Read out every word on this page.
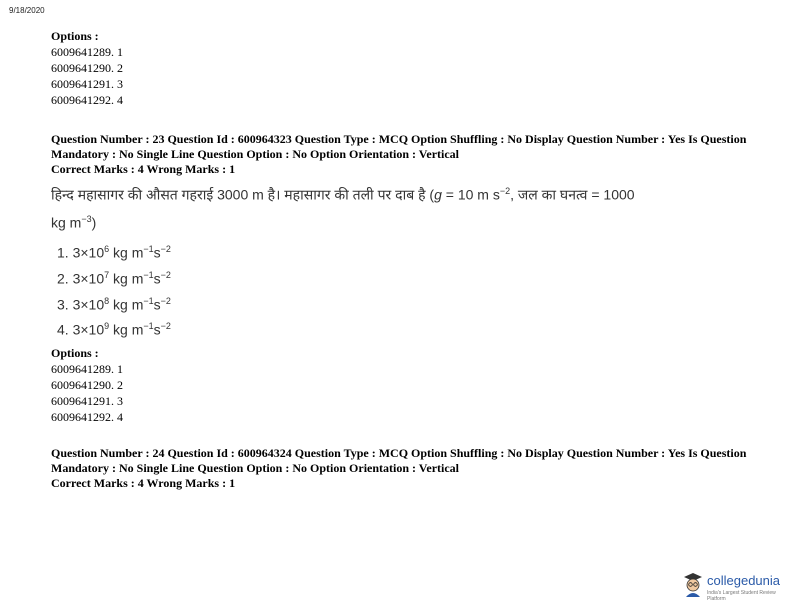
9/18/2020
Options :
6009641289. 1
6009641290. 2
6009641291. 3
6009641292. 4
Question Number : 23 Question Id : 600964323 Question Type : MCQ Option Shuffling : No Display Question Number : Yes Is Question
Mandatory : No Single Line Question Option : No Option Orientation : Vertical
Correct Marks : 4 Wrong Marks : 1
हिन्द महासागर की औसत गहराई 3000 m है। महासागर की तली पर दाब है (g = 10 m $s^{-2}$, जल का घनत्व = 1000
kg $m^{-3}$)
1. $3\times 10^6$ kg $m^{-1}s^{-2}$
2. $3\times 10^7$ kg $m^{-1}s^{-2}$
3. $3\times 10^8$ kg $m^{-1}s^{-2}$
4. $3\times 10^9$ kg $m^{-1}s^{-2}$
Options :
6009641289. 1
6009641290. 2
6009641291. 3
6009641292. 4
Question Number : 24 Question Id : 600964324 Question Type : MCQ Option Shuffling : No Display Question Number : Yes Is Question
Mandatory : No Single Line Question Option : No Option Orientation : Vertical
Correct Marks : 4 Wrong Marks : 1
collegedunia
India's Largest Student Review Platform
